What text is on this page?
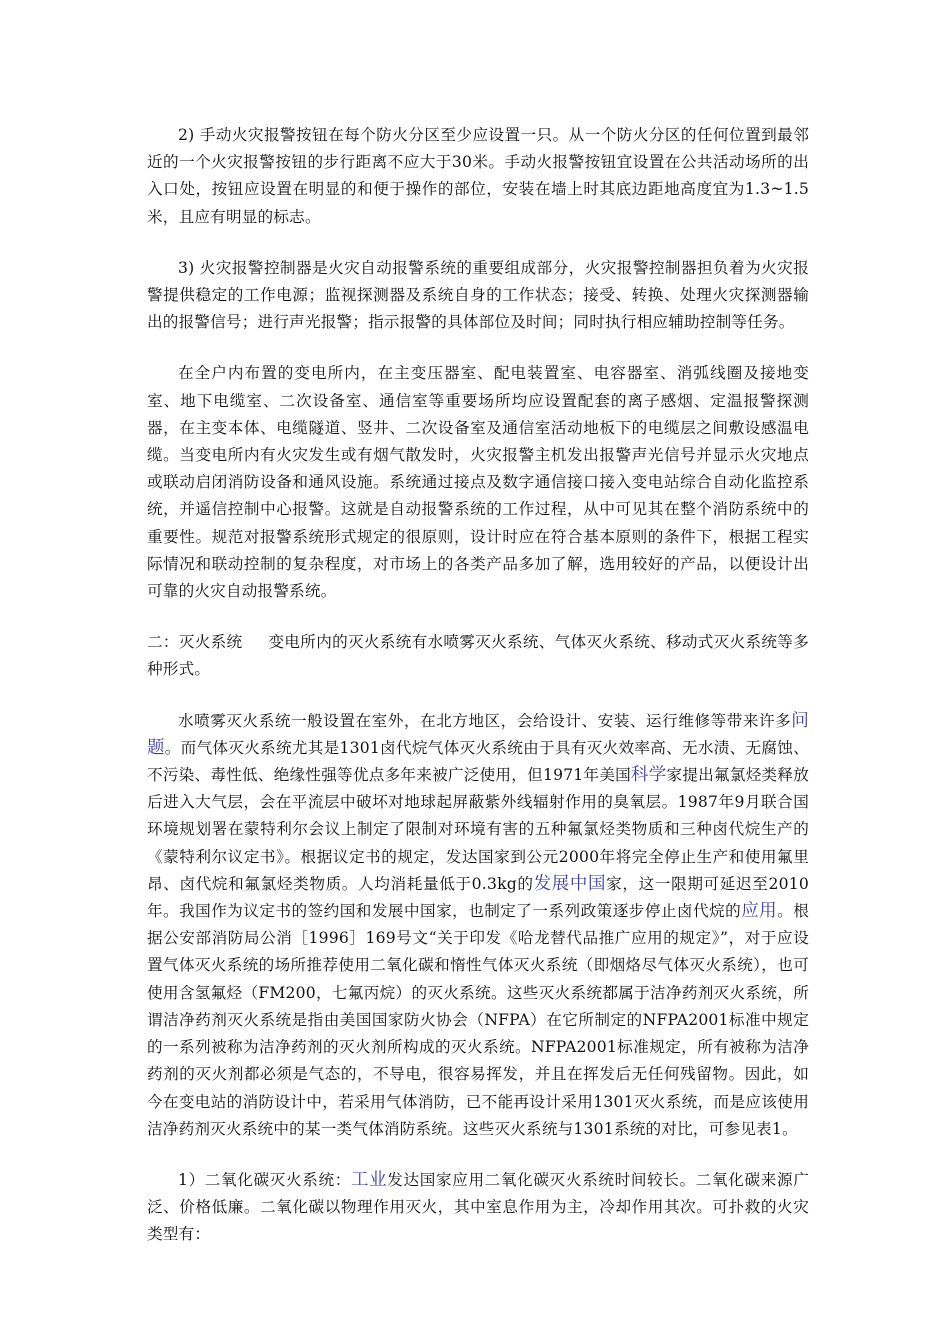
2) 手动火灾报警按钮在每个防火分区至少应设置一只。从一个防火分区的任何位置到最邻近的一个火灾报警按钮的步行距离不应大于30米。手动火报警按钮宜设置在公共活动场所的出入口处，按钮应设置在明显的和便于操作的部位，安装在墙上时其底边距地高度宜为1.3~1.5米，且应有明显的标志。

3) 火灾报警控制器是火灾自动报警系统的重要组成部分，火灾报警控制器担负着为火灾报警提供稳定的工作电源；监视探测器及系统自身的工作状态；接受、转换、处理火灾探测器输出的报警信号；进行声光报警；指示报警的具体部位及时间；同时执行相应辅助控制等任务。

在全户内布置的变电所内，在主变压器室、配电装置室、电容器室、消弧线圈及接地变室、地下电缆室、二次设备室、通信室等重要场所均应设置配套的离子感烟、定温报警探测器，在主变本体、电缆隧道、竖井、二次设备室及通信室活动地板下的电缆层之间敷设感温电缆。当变电所内有火灾发生或有烟气散发时，火灾报警主机发出报警声光信号并显示火灾地点或联动启闭消防设备和通风设施。系统通过接点及数字通信接口接入变电站综合自动化监控系统，并遥信控制中心报警。这就是自动报警系统的工作过程，从中可见其在整个消防系统中的重要性。规范对报警系统形式规定的很原则，设计时应在符合基本原则的条件下，根据工程实际情况和联动控制的复杂程度，对市场上的各类产品多加了解，选用较好的产品，以便设计出可靠的火灾自动报警系统。

二：灭火系统 变电所内的灭火系统有水喷雾灭火系统、气体灭火系统、移动式灭火系统等多种形式。

水喷雾灭火系统一般设置在室外，在北方地区，会给设计、安装、运行维修等带来许多问题。而气体灭火系统尤其是1301卤代烷气体灭火系统由于具有灭火效率高、无水渍、无腐蚀、不污染、毒性低、绝缘性强等优点多年来被广泛使用，但1971年美国科学家提出氟氯烃类释放后进入大气层，会在平流层中破坏对地球起屏蔽紫外线辐射作用的臭氧层。1987年9月联合国环境规划署在蒙特利尔会议上制定了限制对环境有害的五种氟氯烃类物质和三种卤代烷生产的《蒙特利尔议定书》。根据议定书的规定，发达国家到公元2000年将完全停止生产和使用氟里昂、卤代烷和氟氯烃类物质。人均消耗量低于0.3kg的发展中国家，这一限期可延迟至2010年。我国作为议定书的签约国和发展中国家，也制定了一系列政策逐步停止卤代烷的应用。根据公安部消防局公消［1996］169号文“关于印发《哈龙替代品推广应用的规定》”，对于应设置气体灭火系统的场所推荐使用二氧化碳和惰性气体灭火系统（即烟烙尽气体灭火系统），也可使用含氢氟烃（FM200，七氟丙烷）的灭火系统。这些灭火系统都属于洁净药剂灭火系统，所谓洁净药剂灭火系统是指由美国国家防火协会（NFPA）在它所制定的NFPA2001标准中规定的一系列被称为洁净药剂的灭火剂所构成的灭火系统。NFPA2001标准规定，所有被称为洁净药剂的灭火剂都必须是气态的，不导电，很容易挥发，并且在挥发后无任何残留物。因此，如今在变电站的消防设计中，若采用气体消防，已不能再设计采用1301灭火系统，而是应该使用洁净药剂灭火系统中的某一类气体消防系统。这些灭火系统与1301系统的对比，可参见表1。

1）二氧化碳灭火系统：工业发达国家应用二氧化碳灭火系统时间较长。二氧化碳来源广泛、价格低廉。二氧化碳以物理作用灭火，其中室息作用为主，冷却作用其次。可扑救的火灾类型有：
